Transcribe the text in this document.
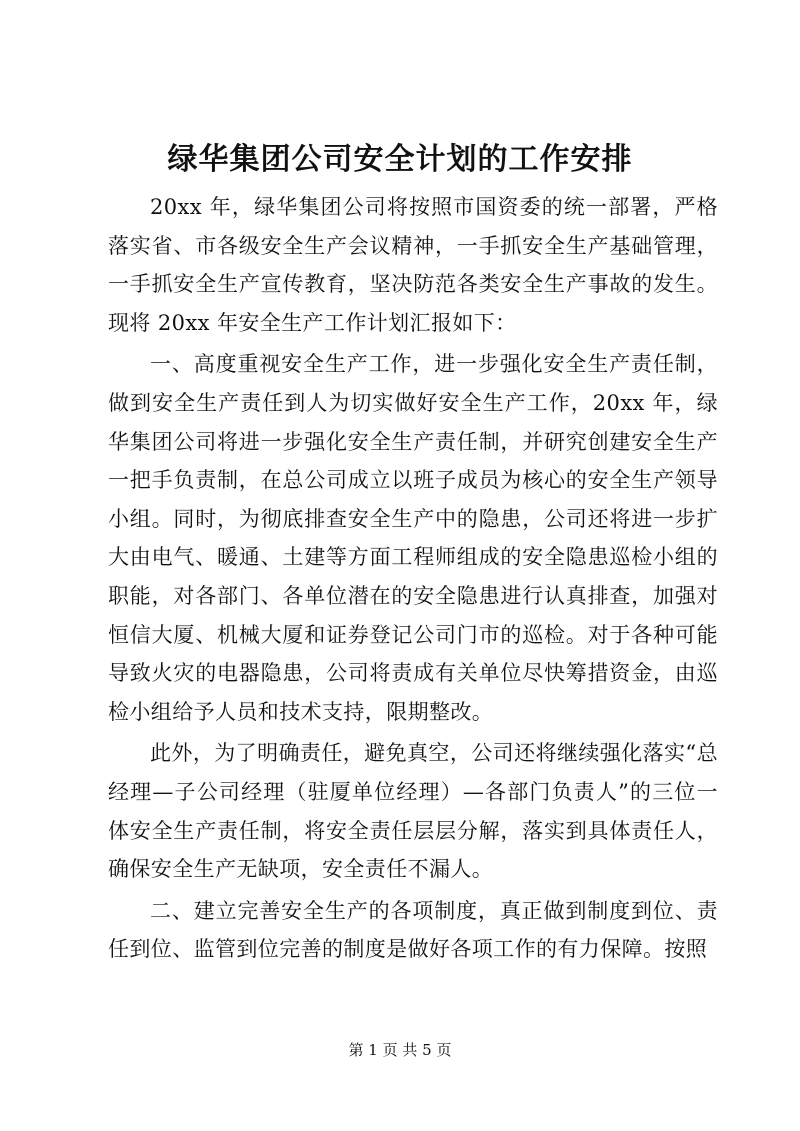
绿华集团公司安全计划的工作安排

20xx 年，绿华集团公司将按照市国资委的统一部署，严格落实省、市各级安全生产会议精神，一手抓安全生产基础管理，一手抓安全生产宣传教育，坚决防范各类安全生产事故的发生。现将 20xx 年安全生产工作计划汇报如下：

一、高度重视安全生产工作，进一步强化安全生产责任制，做到安全生产责任到人为切实做好安全生产工作，20xx 年，绿华集团公司将进一步强化安全生产责任制，并研究创建安全生产一把手负责制，在总公司成立以班子成员为核心的安全生产领导小组。同时，为彻底排查安全生产中的隐患，公司还将进一步扩大由电气、暖通、土建等方面工程师组成的安全隐患巡检小组的职能，对各部门、各单位潜在的安全隐患进行认真排查，加强对恒信大厦、机械大厦和证券登记公司门市的巡检。对于各种可能导致火灾的电器隐患，公司将责成有关单位尽快筹措资金，由巡检小组给予人员和技术支持，限期整改。

此外，为了明确责任，避免真空，公司还将继续强化落实“总经理—子公司经理（驻厦单位经理）—各部门负责人”的三位一体安全生产责任制，将安全责任层层分解，落实到具体责任人，确保安全生产无缺项，安全责任不漏人。

二、建立完善安全生产的各项制度，真正做到制度到位、责任到位、监管到位完善的制度是做好各项工作的有力保障。按照

第 1 页 共 5 页
